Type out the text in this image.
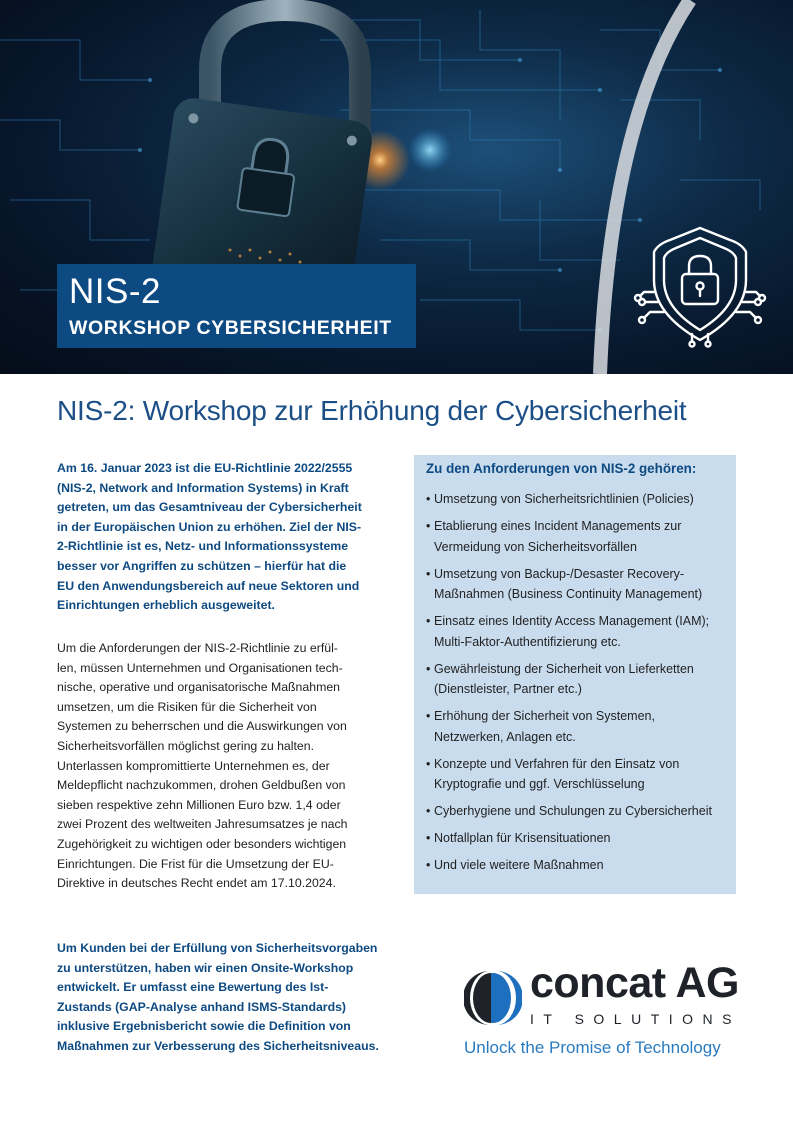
NIS-2
WORKSHOP CYBERSICHERHEIT
NIS-2: Workshop zur Erhöhung der Cybersicherheit

Am 16. Januar 2023 ist die EU-Richtlinie 2022/2555

(NIS-2, Network and Information Systems) in Kraft

getreten, um das Gesamtniveau der Cybersicherheit

in der Europäischen Union zu erhöhen. Ziel der NIS-

2-Richtlinie ist es, Netz- und Informationssysteme

besser vor Angriffen zu schützen – hierfür hat die

EU den Anwendungsbereich auf neue Sektoren und

Einrichtungen erheblich ausgeweitet.

Um die Anforderungen der NIS-2-Richtlinie zu erfül-

len, müssen Unternehmen und Organisationen tech-

nische, operative und organisatorische Maßnahmen

umsetzen, um die Risiken für die Sicherheit von

Systemen zu beherrschen und die Auswirkungen von

Sicherheitsvorfällen möglichst gering zu halten.

Unterlassen kompromittierte Unternehmen es, der

Meldepflicht nachzukommen, drohen Geldbußen von

sieben respektive zehn Millionen Euro bzw. 1,4 oder

zwei Prozent des weltweiten Jahresumsatzes je nach

Zugehörigkeit zu wichtigen oder besonders wichtigen

Einrichtungen. Die Frist für die Umsetzung der EU-

Direktive in deutsches Recht endet am 17.10.2024.

Um Kunden bei der Erfüllung von Sicherheitsvorgaben

zu unterstützen, haben wir einen Onsite-Workshop

entwickelt. Er umfasst eine Bewertung des Ist-

Zustands (GAP-Analyse anhand ISMS-Standards)

inklusive Ergebnisbericht sowie die Definition von

Maßnahmen zur Verbesserung des Sicherheitsniveaus.

Zu den Anforderungen von NIS-2 gehören:
• Umsetzung von Sicherheitsrichtlinien (Policies)
• Etablierung eines Incident Managements zur
Vermeidung von Sicherheitsvorfällen
• Umsetzung von Backup-/Desaster Recovery-
Maßnahmen (Business Continuity Management)
• Einsatz eines Identity Access Management (IAM);
Multi-Faktor-Authentifizierung etc.
• Gewährleistung der Sicherheit von Lieferketten
(Dienstleister, Partner etc.)
• Erhöhung der Sicherheit von Systemen,
Netzwerken, Anlagen etc.
• Konzepte und Verfahren für den Einsatz von
Kryptografie und ggf. Verschlüsselung
• Cyberhygiene und Schulungen zu Cybersicherheit
• Notfallplan für Krisensituationen
• Und viele weitere Maßnahmen
concat AG
IT SOLUTIONS
Unlock the Promise of Technology
